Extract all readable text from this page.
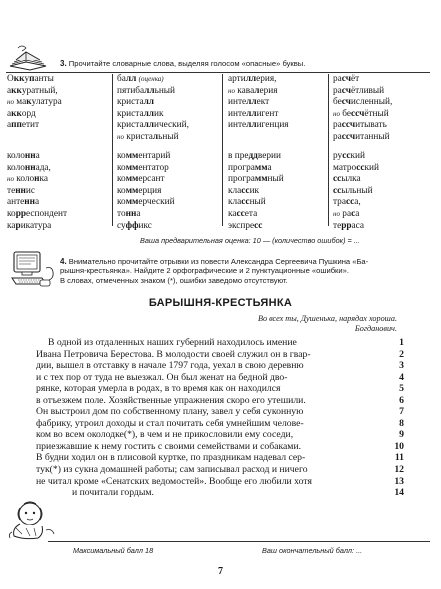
3. Прочитайте словарные слова, выделяя голосом «опасные» буквы.
Оккупанты
аккуратный,
но макулатура
аккорд
аппетит
балл (оценка)
пятибалльный
кристалл
кристаллик
кристаллический,
но кристальный
артиллерия,
но кавалерия
интеллект
интеллигент
интеллигенция
расчёт
расчётливый
бесчисленный,
но бессчётный
рассчитывать
рассчитанный
колонна
колоннада,
но колонка
теннис
антенна
корреспондент
карикатура
комментарий
комментатор
коммерсант
коммерция
коммерческий
тонна
суффикс
в преддверии
программа
программный
классик
классный
кассета
экспресс
русский
матросский
ссылка
ссыльный
трасса,
но раса
терраса
Ваша предварительная оценка: 10 — (количество ошибок) = ...
4. Внимательно прочитайте отрывки из повести Александра Сергеевича Пушкина «Ба-
рышня-крестьянка». Найдите 2 орфографические и 2 пунктуационные «ошибки».
В словах, отмеченных знаком (*), ошибки заведомо отсутствуют.
БАРЫШНЯ-КРЕСТЬЯНКА
Во всех ты, Душенька, нарядах хороша.
Богданович.
В одной из отдаленных наших губерний находилось имение
Ивана Петровича Берестова. В молодости своей служил он в гвар-
дии, вышел в отставку в начале 1797 года, уехал в свою деревню
и с тех пор от туда не выезжал. Он был женат на бедной дво-
рянке, которая умерла в родах, в то время как он находился
в отъезжем поле. Хозяйственные упражнения скоро его утешили.
Он выстроил дом по собственному плану, завел у себя суконную
фабрику, утроил доходы и стал почитать себя умнейшим челове-
ком во всем околодке(*), в чем и не прикословили ему соседи,
приезжавшие к нему гостить с своими семействами и собаками.
В будни ходил он в плисовой куртке, по праздникам надевал сер-
тук(*) из сукна домашней работы; сам записывал расход и ничего
не читал кроме «Сенатских ведомостей». Вообще его любили хотя
и почитали гордым.
1
2
3
4
5
6
7
8
9
10
11
12
13
14
Максимальный балл 18	Ваш окончательный балл: ...
7
